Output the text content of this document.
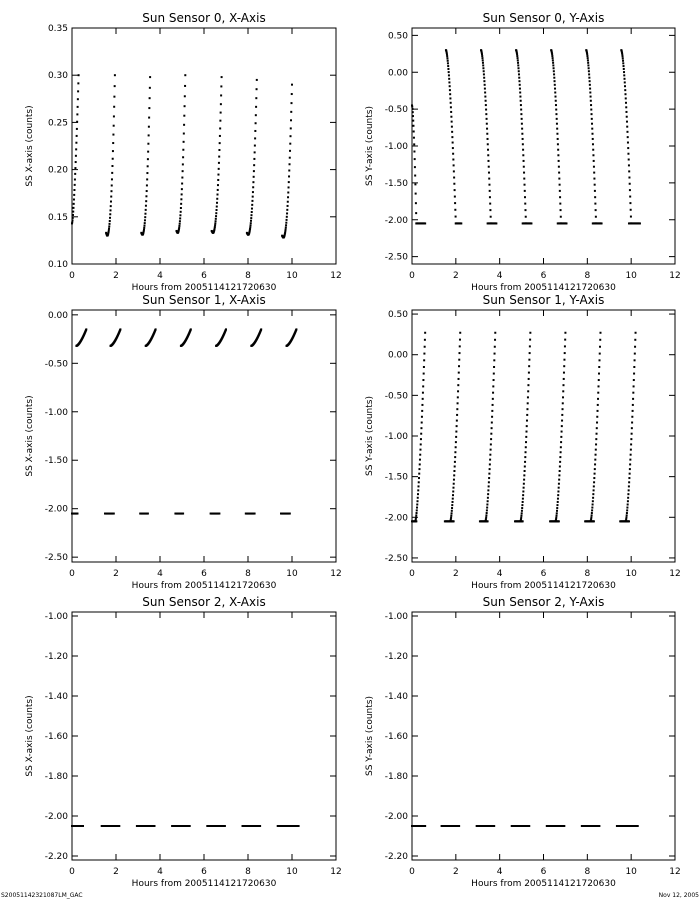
Sun Sensor 0, X-Axis
0	2	4	6	8	10	12
0.10
0.15
0.20
0.25
0.30
0.35
Hours from 2005114121720630
SS X-axis (counts)
Sun Sensor 0, Y-Axis
0	2	4	6	8	10	12
0.50
0.00
-0.50
-1.00
-1.50
-2.00
-2.50
Hours from 2005114121720630
SS Y-axis (counts)
Sun Sensor 1, X-Axis
0	2	4	6	8	10	12
0.00
-0.50
-1.00
-1.50
-2.00
-2.50
Hours from 2005114121720630
SS X-axis (counts)
Sun Sensor 1, Y-Axis
0	2	4	6	8	10	12
0.50
0.00
-0.50
-1.00
-1.50
-2.00
-2.50
Hours from 2005114121720630
SS Y-axis (counts)
Sun Sensor 2, X-Axis
0	2	4	6	8	10	12
-1.00
-1.20
-1.40
-1.60
-1.80
-2.00
-2.20
Hours from 2005114121720630
SS X-axis (counts)
Sun Sensor 2, Y-Axis
0	2	4	6	8	10	12
-1.00
-1.20
-1.40
-1.60
-1.80
-2.00
-2.20
Hours from 2005114121720630
SS Y-axis (counts)
S20051142321087LM_GAC	Nov 12, 2005
